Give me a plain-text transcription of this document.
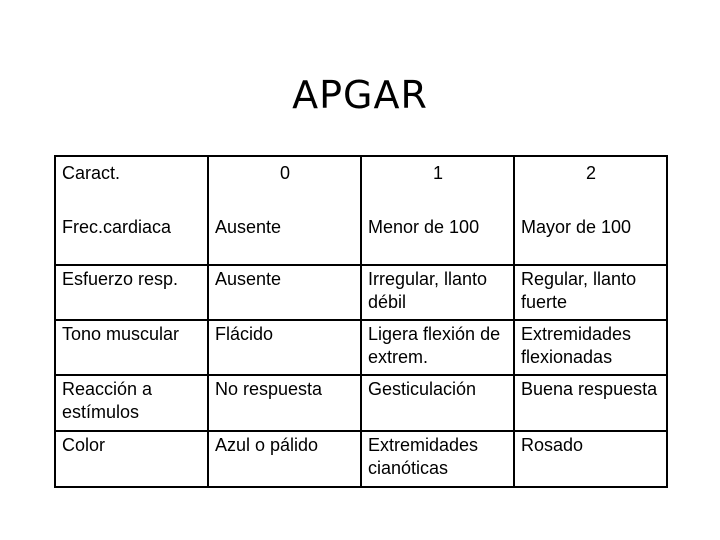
APGAR
Caract.	0	1	2
Frec.cardiaca	Ausente	Menor de 100	Mayor de 100
Esfuerzo resp.	Ausente	Irregular, llanto débil	Regular, llanto fuerte
Tono muscular	Flácido	Ligera flexión de extrem.	Extremidades flexionadas
Reacción a estímulos	No respuesta	Gesticulación	Buena respuesta
Color	Azul o pálido	Extremidades cianóticas	Rosado
